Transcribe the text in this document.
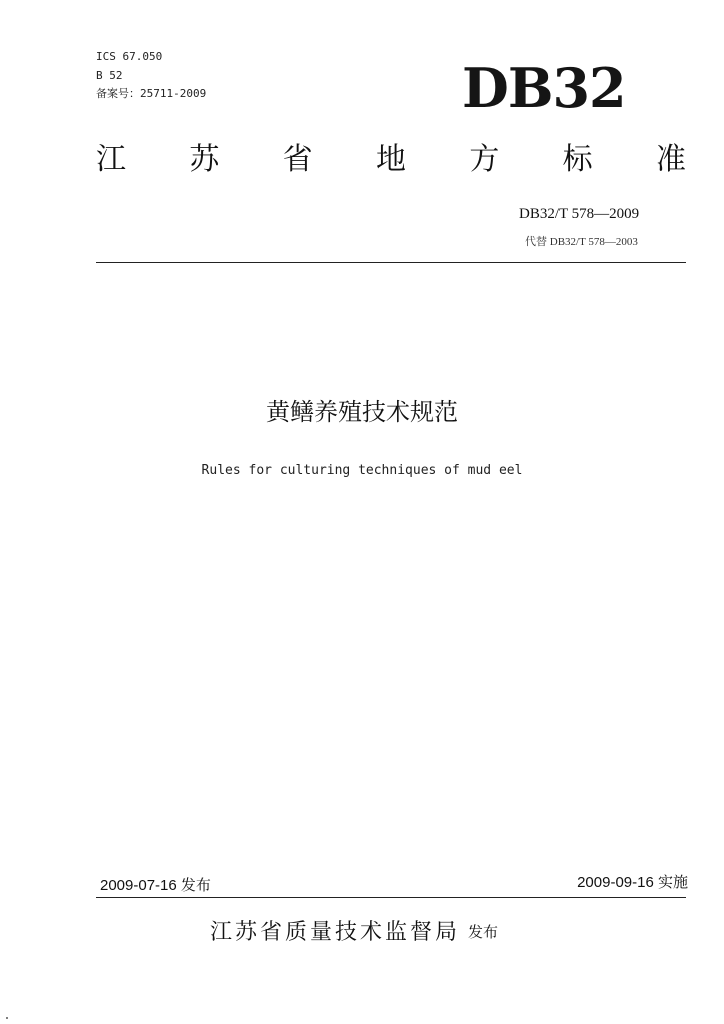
ICS 67.050
B 52
备案号：25711-2009	DB32
江 苏 省 地 方 标 准
DB32/T 578—2009
代替 DB32/T 578—2003
黄鳝养殖技术规范
Rules for culturing techniques of mud eel
2009-07-16 发布	2009-09-16 实施
江苏省质量技术监督局 发布
